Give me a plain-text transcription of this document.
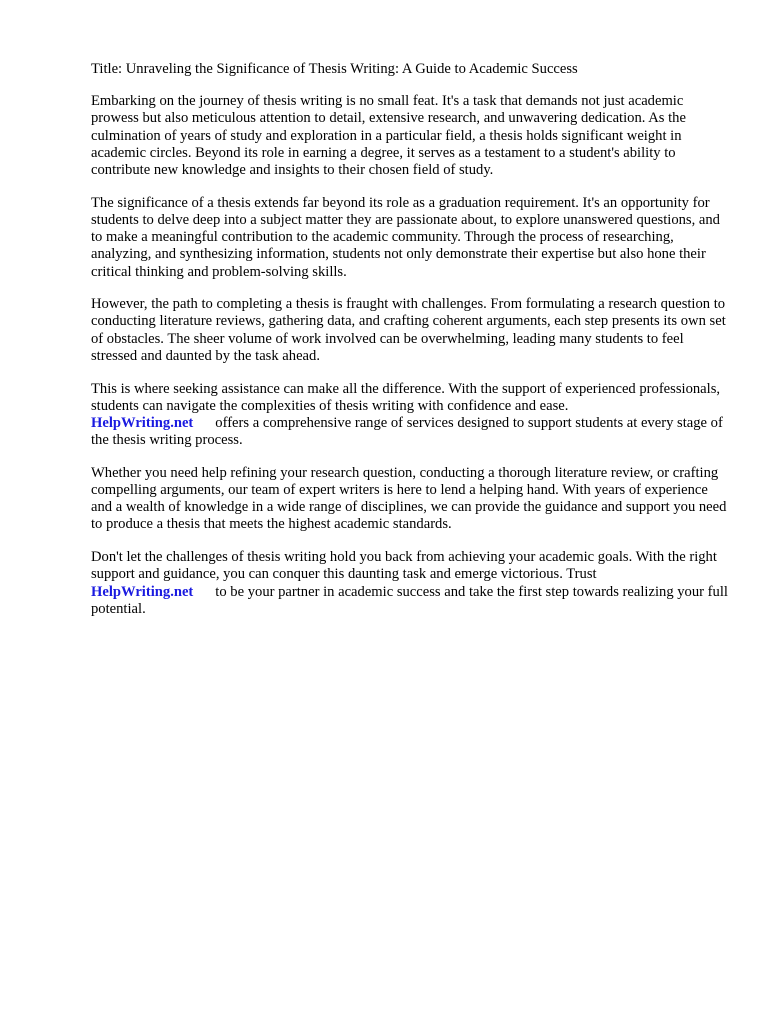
Title: Unraveling the Significance of Thesis Writing: A Guide to Academic Success

Embarking on the journey of thesis writing is no small feat. It's a task that demands not just academic prowess but also meticulous attention to detail, extensive research, and unwavering dedication. As the culmination of years of study and exploration in a particular field, a thesis holds significant weight in academic circles. Beyond its role in earning a degree, it serves as a testament to a student's ability to contribute new knowledge and insights to their chosen field of study.

The significance of a thesis extends far beyond its role as a graduation requirement. It's an opportunity for students to delve deep into a subject matter they are passionate about, to explore unanswered questions, and to make a meaningful contribution to the academic community. Through the process of researching, analyzing, and synthesizing information, students not only demonstrate their expertise but also hone their critical thinking and problem-solving skills.

However, the path to completing a thesis is fraught with challenges. From formulating a research question to conducting literature reviews, gathering data, and crafting coherent arguments, each step presents its own set of obstacles. The sheer volume of work involved can be overwhelming, leading many students to feel stressed and daunted by the task ahead.

This is where seeking assistance can make all the difference. With the support of experienced professionals, students can navigate the complexities of thesis writing with confidence and ease.
HelpWriting.net offers a comprehensive range of services designed to support students at every stage of the thesis writing process.

Whether you need help refining your research question, conducting a thorough literature review, or crafting compelling arguments, our team of expert writers is here to lend a helping hand. With years of experience and a wealth of knowledge in a wide range of disciplines, we can provide the guidance and support you need to produce a thesis that meets the highest academic standards.

Don't let the challenges of thesis writing hold you back from achieving your academic goals. With the right support and guidance, you can conquer this daunting task and emerge victorious. Trust
HelpWriting.net to be your partner in academic success and take the first step towards realizing your full potential.
